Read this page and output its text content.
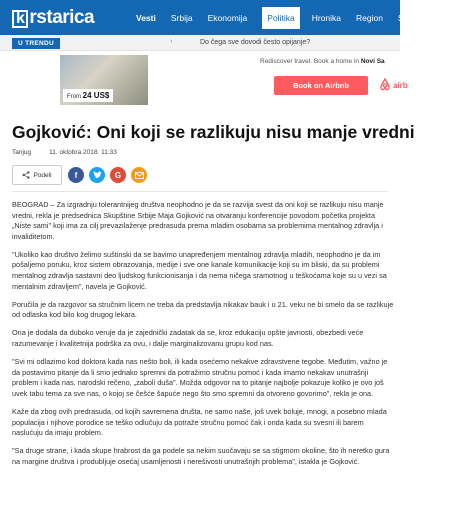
k rstarica	Vesti Srbija Ekonomija	Politika	Hronika Region Svet Sp
U TRENDU	›	Do čega sve dovodi često opijanje?
From 24 US$
Rediscover travel. Book a home in Novi Sa
Book on Airbnb	airb
Gojković: Oni koji se razlikuju nisu manje vredni
Tanjug	11. oktobra 2018. 11:33
Podeli	f	G

BEOGRAD – Za izgradnju tolerantnijeg društva neophodno je da se razvija svest da oni koji se razlikuju nisu manje vredni, rekla je predsednica Skupštine Srbije Maja Gojković na otvaranju konferencije povodom početka projekta „Niste sami" koji ima za cilj prevazilaženje predrasuda prema mladim osobama sa problemima mentalnog zdravlja i invaliditetom.

"Ukoliko kao društvo želimo suštinski da se bavimo unapređenjem mentalnog zdravlja mladih, neophodno je da im pošaljemo poruku, kroz sistem obrazovanja, medije i sve one kanale komunikacije koji su im bliski, da su problemi mentalnog zdravlja sastavni deo ljudskog funkcionisanja i da nema ničega sramotnog u teškoćama koje su u vezi sa mentalnim zdravljem", navela je Gojković.

Poručila je da razgovor sa stručnim licem ne treba da predstavlja nikakav bauk i u 21. veku ne bi smelo da se razlikuje od odlaska kod bilo kog drugog lekara.

Ona je dodala da duboko veruje da je zajednički zadatak da se, kroz edukaciju opšte javnosti, obezbedi veće razumevanje i kvalitetnija podrška za ovu, i dalje marginalizovanu grupu kod nas.

"Svi mi odlazimo kod doktora kada nas nešto boli, ili kada osećemo nekakve zdravstvene tegobe. Međutim, važno je da postavimo pitanje da li smo jednako spremni da potražimo stručnu pomoć i kada imamo nekakav unutrašnji problem i kada nas, narodski rečeno, „zaboli duša". Možda odgovor na to pitanje najbolje pokazuje koliko je ovo još uvek tabu tema za sve nas, o kojoj se češće šapuće nego što smo spremni da otvoreno govorimo", rekla je ona.

Kaže da zbog ovih predrasuda, od kojih savremena društa, ne samo naše, još uvek boluje, mnogi, a posebno mlada populacija i njihove porodice se teško odlučuju da potraže stručnu pomoć čak i onda kada su svesni ili barem naslućuju da imaju problem.

"Sa druge strane, i kada skupe hrabrost da ga podele sa nekim suočavaju se sa stigmom okoline, što ih neretko gura na margine društva i produbljuje osećaj usamljenosti i nerešivosti unutrašnjih problema", istakla je Gojković.
